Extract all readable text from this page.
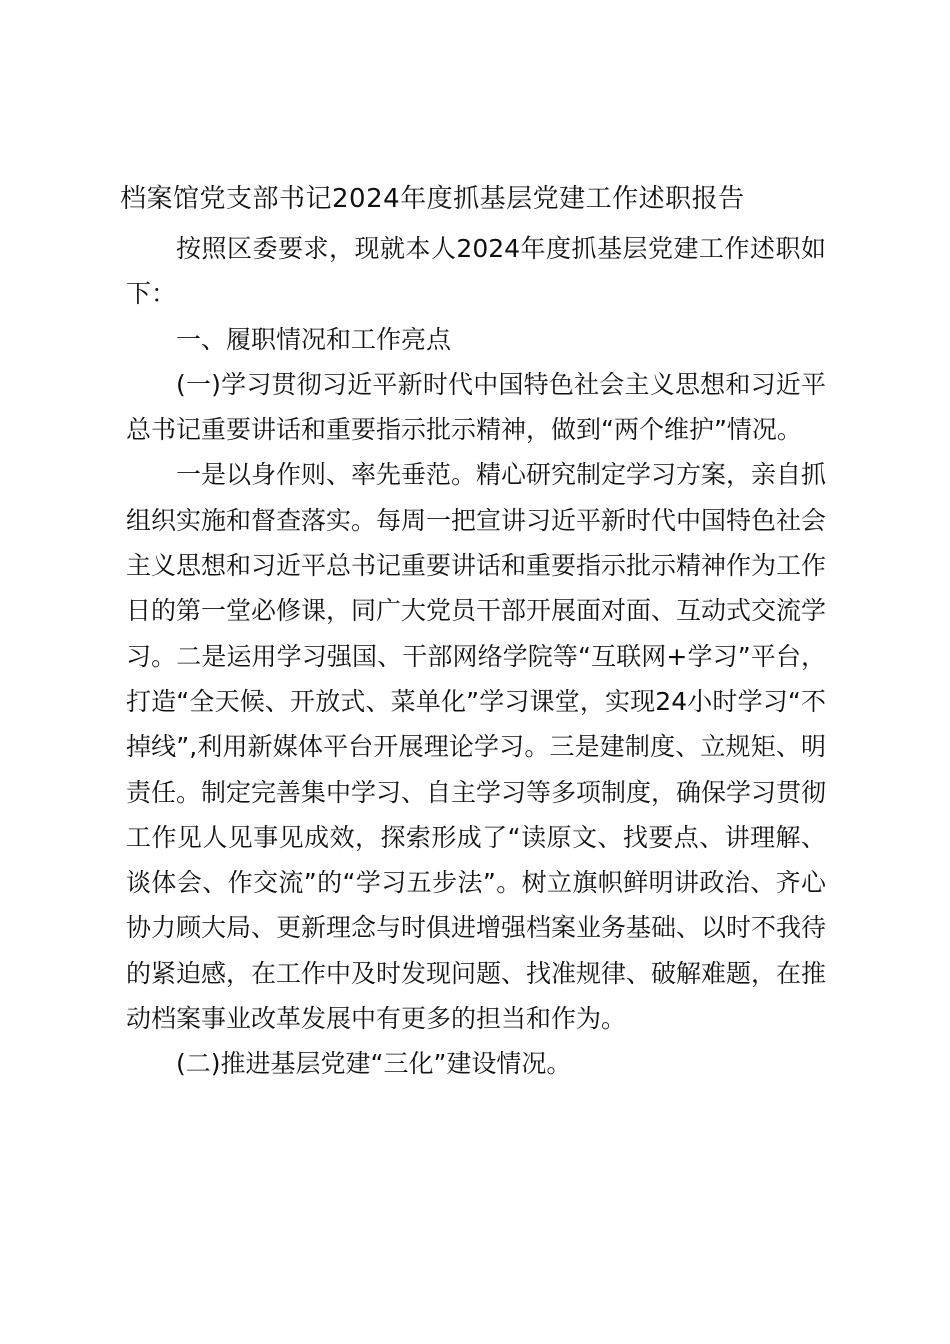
档案馆党支部书记2024年度抓基层党建工作述职报告

按照区委要求，现就本人2024年度抓基层党建工作述职如下：

一、履职情况和工作亮点

(一)学习贯彻习近平新时代中国特色社会主义思想和习近平总书记重要讲话和重要指示批示精神，做到“两个维护”情况。

一是以身作则、率先垂范。精心研究制定学习方案，亲自抓组织实施和督查落实。每周一把宣讲习近平新时代中国特色社会主义思想和习近平总书记重要讲话和重要指示批示精神作为工作日的第一堂必修课，同广大党员干部开展面对面、互动式交流学习。二是运用学习强国、干部网络学院等“互联网+学习”平台，打造“全天候、开放式、菜单化”学习课堂，实现24小时学习“不掉线”,利用新媒体平台开展理论学习。三是建制度、立规矩、明责任。制定完善集中学习、自主学习等多项制度，确保学习贯彻工作见人见事见成效，探索形成了“读原文、找要点、讲理解、谈体会、作交流”的“学习五步法”。树立旗帜鲜明讲政治、齐心协力顾大局、更新理念与时俱进增强档案业务基础、以时不我待的紧迫感，在工作中及时发现问题、找准规律、破解难题，在推动档案事业改革发展中有更多的担当和作为。

(二)推进基层党建“三化”建设情况。
